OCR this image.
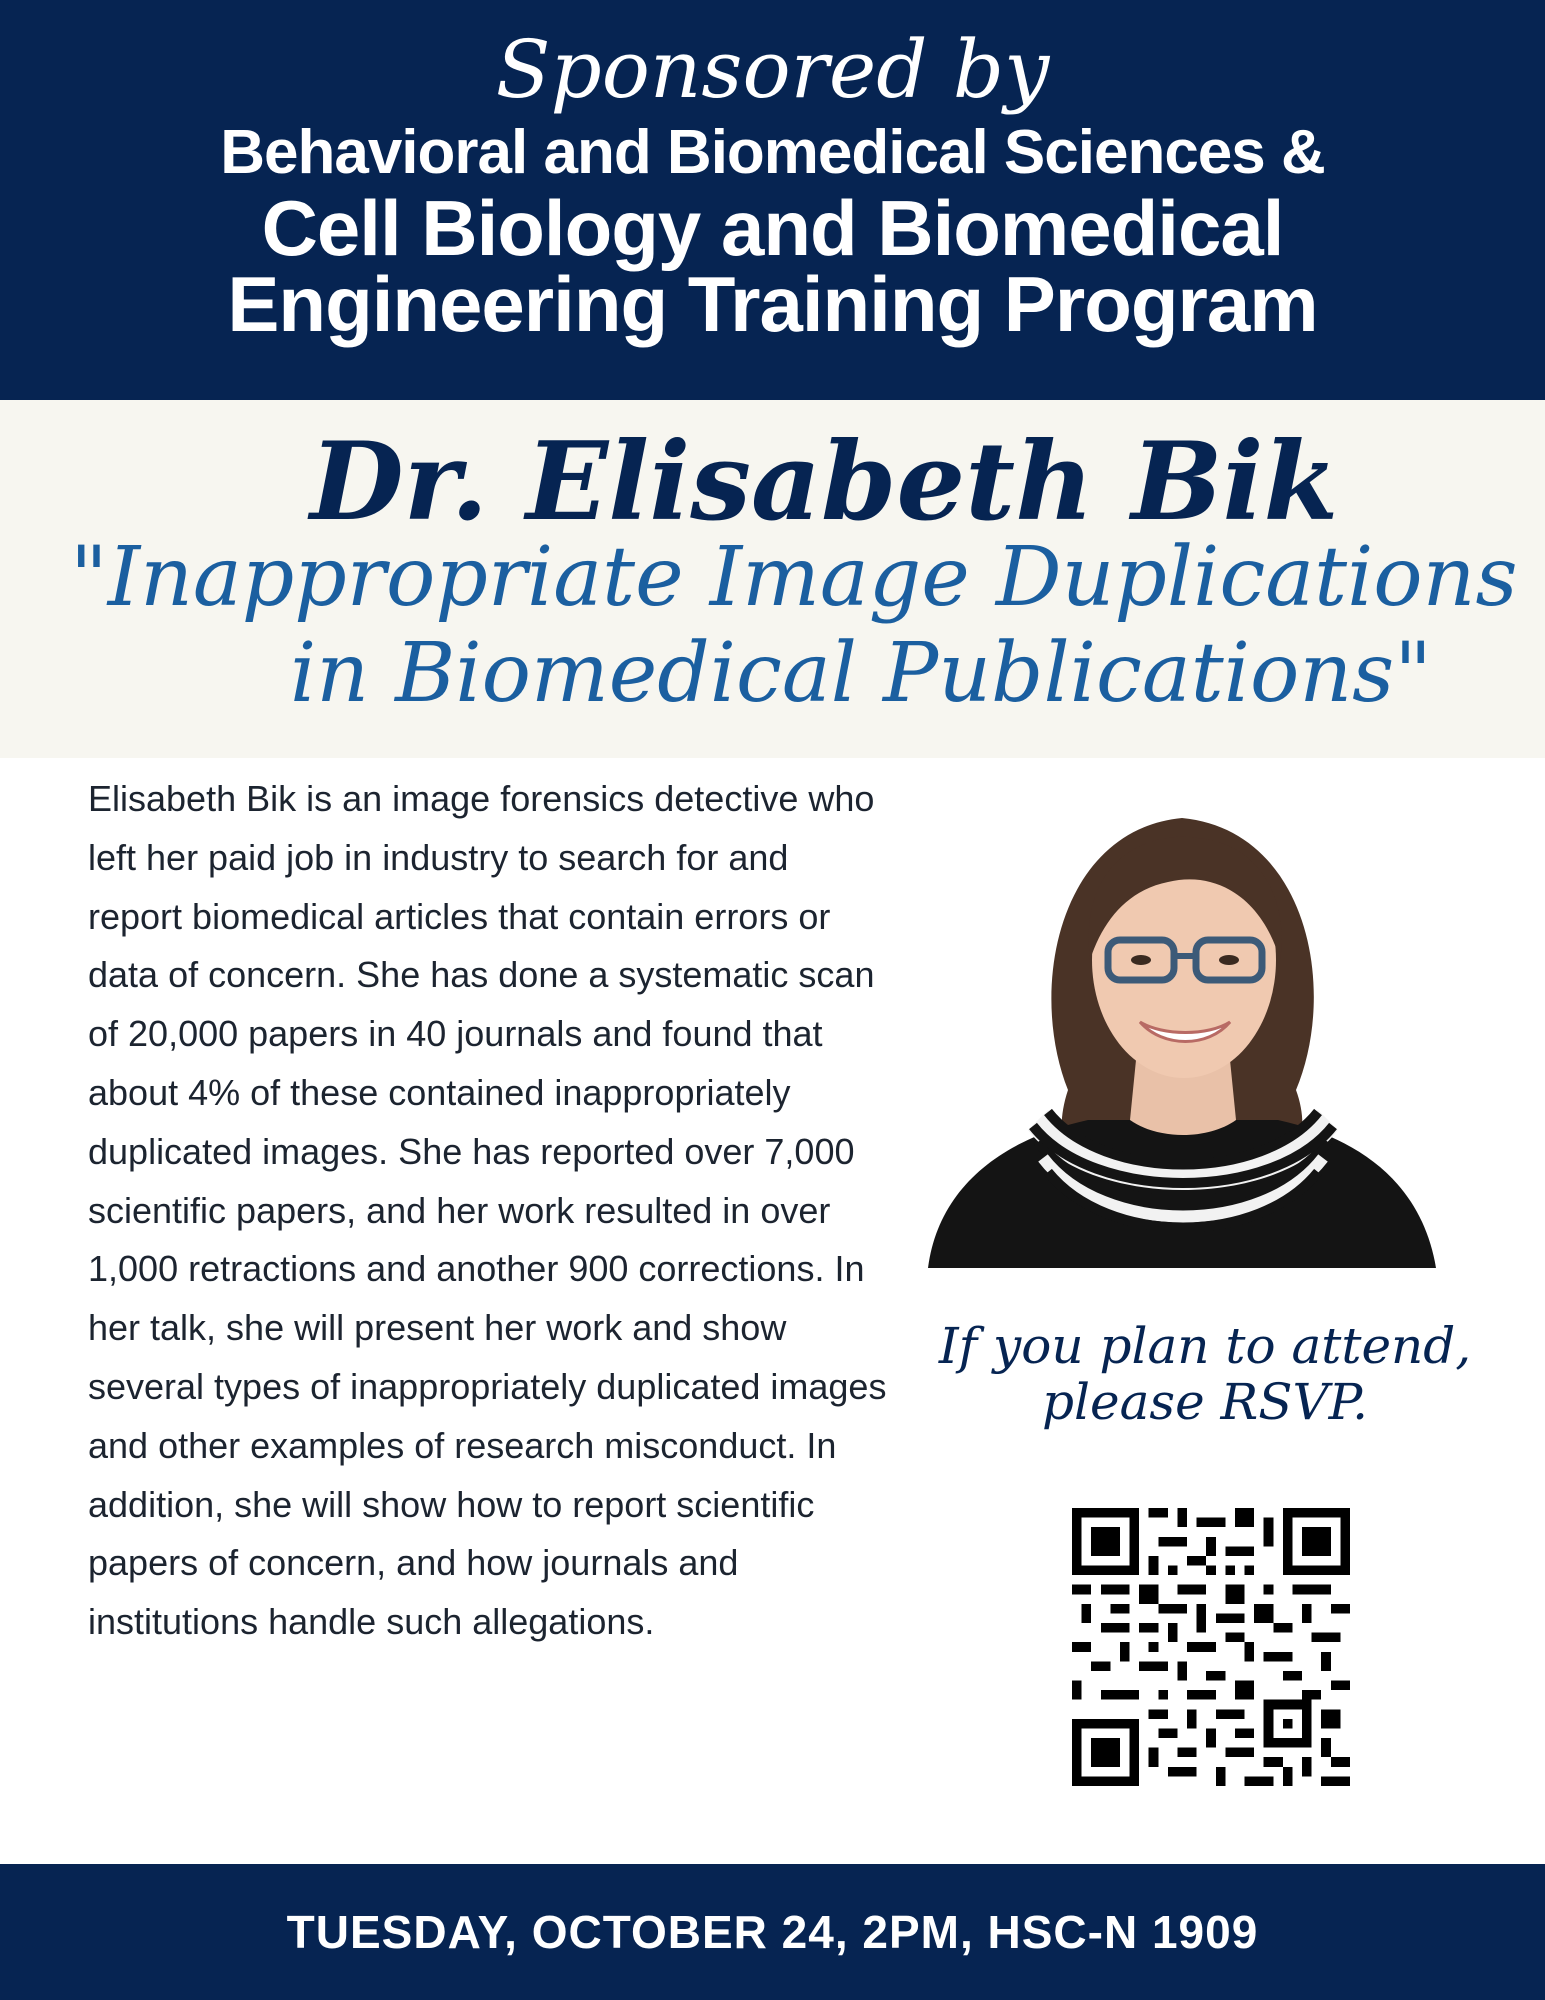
Sponsored by
Behavioral and Biomedical Sciences &
Cell Biology and Biomedical
Engineering Training Program
Dr. Elisabeth Bik
"Inappropriate Image Duplications
in Biomedical Publications"
Elisabeth Bik is an image forensics detective who left her paid job in industry to search for and report biomedical articles that contain errors or data of concern. She has done a systematic scan of 20,000 papers in 40 journals and found that about 4% of these contained inappropriately duplicated images. She has reported over 7,000 scientific papers, and her work resulted in over 1,000 retractions and another 900 corrections. In her talk, she will present her work and show several types of inappropriately duplicated images and other examples of research misconduct. In addition, she will show how to report scientific papers of concern, and how journals and institutions handle such allegations.
If you plan to attend,
please RSVP.
TUESDAY, OCTOBER 24, 2PM, HSC-N 1909
